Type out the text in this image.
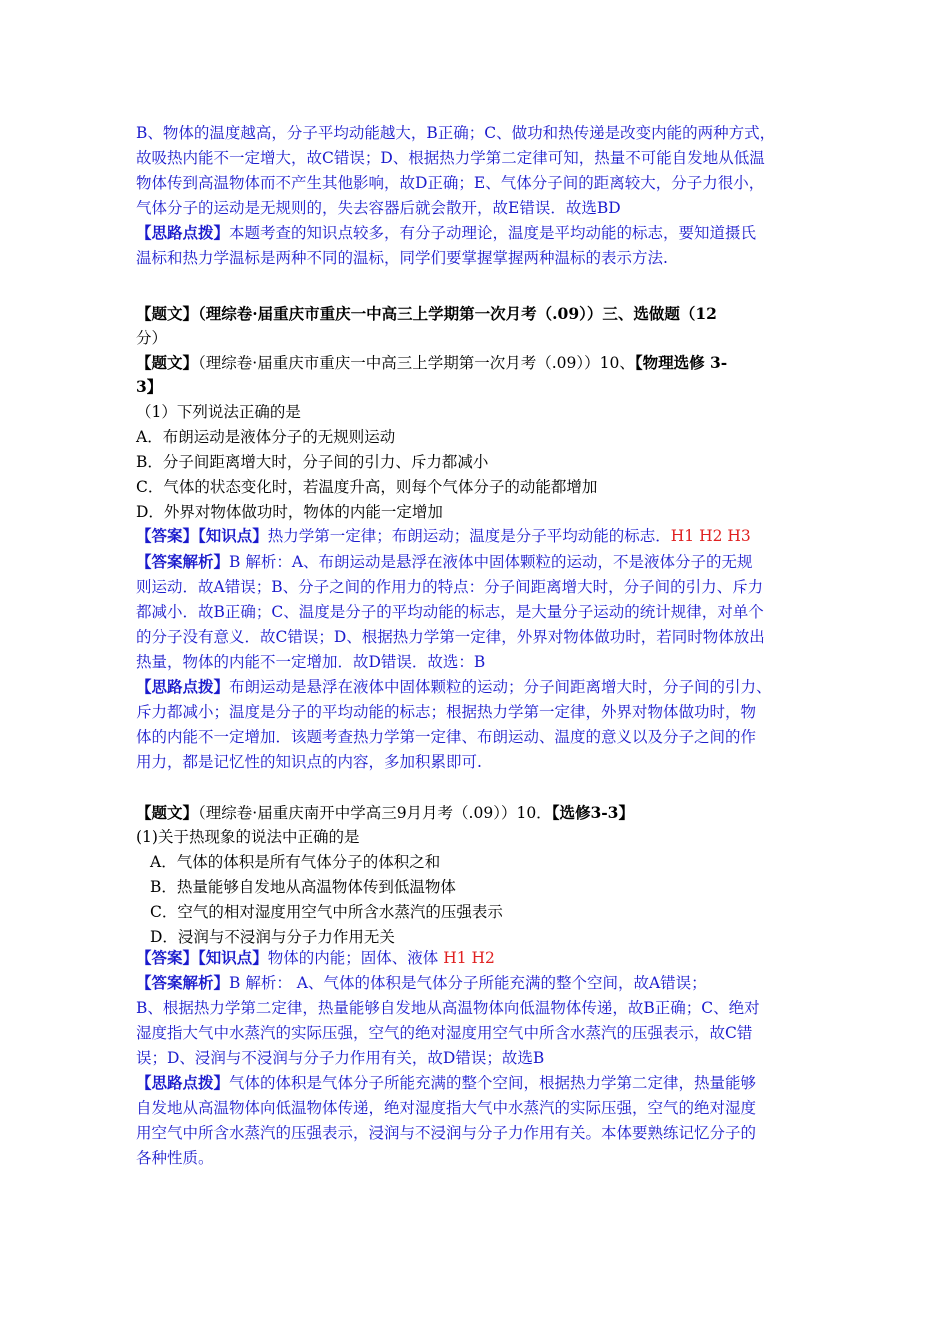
B、物体的温度越高，分子平均动能越大，B正确；C、做功和热传递是改变内能的两种方式，
故吸热内能不一定增大，故C错误；D、根据热力学第二定律可知，热量不可能自发地从低温
物体传到高温物体而不产生其他影响，故D正确；E、气体分子间的距离较大，分子力很小，
气体分子的运动是无规则的，失去容器后就会散开，故E错误．故选BD
【思路点拨】本题考查的知识点较多，有分子动理论，温度是平均动能的标志，要知道摄氏
温标和热力学温标是两种不同的温标，同学们要掌握掌握两种温标的表示方法.
【题文】（理综卷·届重庆市重庆一中高三上学期第一次月考（.09））三、选做题（12
分）
【题文】（理综卷·届重庆市重庆一中高三上学期第一次月考（.09））10、【物理选修 3-
3】
（1）下列说法正确的是
A．布朗运动是液体分子的无规则运动
B．分子间距离增大时，分子间的引力、斥力都减小
C．气体的状态变化时，若温度升高，则每个气体分子的动能都增加
D．外界对物体做功时，物体的内能一定增加
【答案】【知识点】热力学第一定律；布朗运动；温度是分子平均动能的标志．H1 H2 H3
【答案解析】B 解析：A、布朗运动是悬浮在液体中固体颗粒的运动，不是液体分子的无规
则运动．故A错误；B、分子之间的作用力的特点：分子间距离增大时，分子间的引力、斥力
都减小．故B正确；C、温度是分子的平均动能的标志，是大量分子运动的统计规律，对单个
的分子没有意义．故C错误；D、根据热力学第一定律，外界对物体做功时，若同时物体放出
热量，物体的内能不一定增加．故D错误．故选：B
【思路点拨】布朗运动是悬浮在液体中固体颗粒的运动；分子间距离增大时，分子间的引力、
斥力都减小；温度是分子的平均动能的标志；根据热力学第一定律，外界对物体做功时，物
体的内能不一定增加．该题考查热力学第一定律、布朗运动、温度的意义以及分子之间的作
用力，都是记忆性的知识点的内容，多加积累即可.
【题文】（理综卷·届重庆南开中学高三9月月考（.09））10．【选修3-3】
(1)关于热现象的说法中正确的是
A．气体的体积是所有气体分子的体积之和
B．热量能够自发地从高温物体传到低温物体
C．空气的相对湿度用空气中所含水蒸汽的压强表示
D．浸润与不浸润与分子力作用无关
【答案】【知识点】物体的内能；固体、液体 H1 H2
【答案解析】B 解析： A、气体的体积是气体分子所能充满的整个空间，故A错误；
B、根据热力学第二定律，热量能够自发地从高温物体向低温物体传递，故B正确；C、绝对
湿度指大气中水蒸汽的实际压强，空气的绝对湿度用空气中所含水蒸汽的压强表示，故C错
误；D、浸润与不浸润与分子力作用有关，故D错误；故选B
【思路点拨】气体的体积是气体分子所能充满的整个空间，根据热力学第二定律，热量能够
自发地从高温物体向低温物体传递，绝对湿度指大气中水蒸汽的实际压强，空气的绝对湿度
用空气中所含水蒸汽的压强表示，浸润与不浸润与分子力作用有关。本体要熟练记忆分子的
各种性质。
